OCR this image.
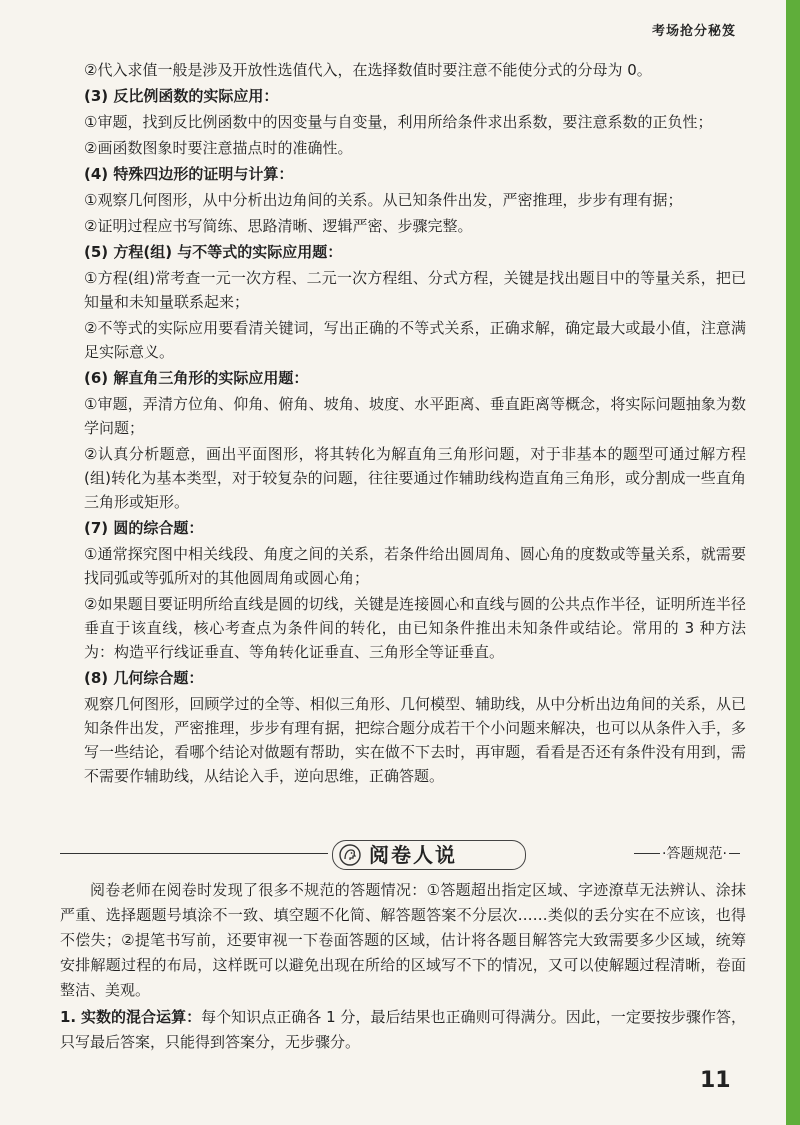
考场抢分秘笈

②代入求值一般是涉及开放性选值代入，在选择数值时要注意不能使分式的分母为 0。

(3) 反比例函数的实际应用：

①审题，找到反比例函数中的因变量与自变量，利用所给条件求出系数，要注意系数的正负性；

②画函数图象时要注意描点时的准确性。

(4) 特殊四边形的证明与计算：

①观察几何图形，从中分析出边角间的关系。从已知条件出发，严密推理，步步有理有据；

②证明过程应书写简练、思路清晰、逻辑严密、步骤完整。

(5) 方程(组) 与不等式的实际应用题：

①方程(组)常考查一元一次方程、二元一次方程组、分式方程，关键是找出题目中的等量关系，把已知量和未知量联系起来；

②不等式的实际应用要看清关键词，写出正确的不等式关系，正确求解，确定最大或最小值，注意满足实际意义。

(6) 解直角三角形的实际应用题：

①审题，弄清方位角、仰角、俯角、坡角、坡度、水平距离、垂直距离等概念，将实际问题抽象为数学问题；

②认真分析题意，画出平面图形，将其转化为解直角三角形问题，对于非基本的题型可通过解方程(组)转化为基本类型，对于较复杂的问题，往往要通过作辅助线构造直角三角形，或分割成一些直角三角形或矩形。

(7) 圆的综合题：

①通常探究图中相关线段、角度之间的关系，若条件给出圆周角、圆心角的度数或等量关系，就需要找同弧或等弧所对的其他圆周角或圆心角；

②如果题目要证明所给直线是圆的切线，关键是连接圆心和直线与圆的公共点作半径，证明所连半径垂直于该直线，核心考查点为条件间的转化，由已知条件推出未知条件或结论。常用的 3 种方法为：构造平行线证垂直、等角转化证垂直、三角形全等证垂直。

(8) 几何综合题：

观察几何图形，回顾学过的全等、相似三角形、几何模型、辅助线，从中分析出边角间的关系，从已知条件出发，严密推理，步步有理有据，把综合题分成若干个小问题来解决，也可以从条件入手，多写一些结论，看哪个结论对做题有帮助，实在做不下去时，再审题，看看是否还有条件没有用到，需不需要作辅助线，从结论入手，逆向思维，正确答题。

阅卷人说	·答题规范·

阅卷老师在阅卷时发现了很多不规范的答题情况：①答题超出指定区域、字迹潦草无法辨认、涂抹严重、选择题题号填涂不一致、填空题不化简、解答题答案不分层次……类似的丢分实在不应该，也得不偿失；②提笔书写前，还要审视一下卷面答题的区域，估计将各题目解答完大致需要多少区域，统筹安排解题过程的布局，这样既可以避免出现在所给的区域写不下的情况，又可以使解题过程清晰，卷面整洁、美观。

1. 实数的混合运算：每个知识点正确各 1 分，最后结果也正确则可得满分。因此，一定要按步骤作答，只写最后答案，只能得到答案分，无步骤分。

11
